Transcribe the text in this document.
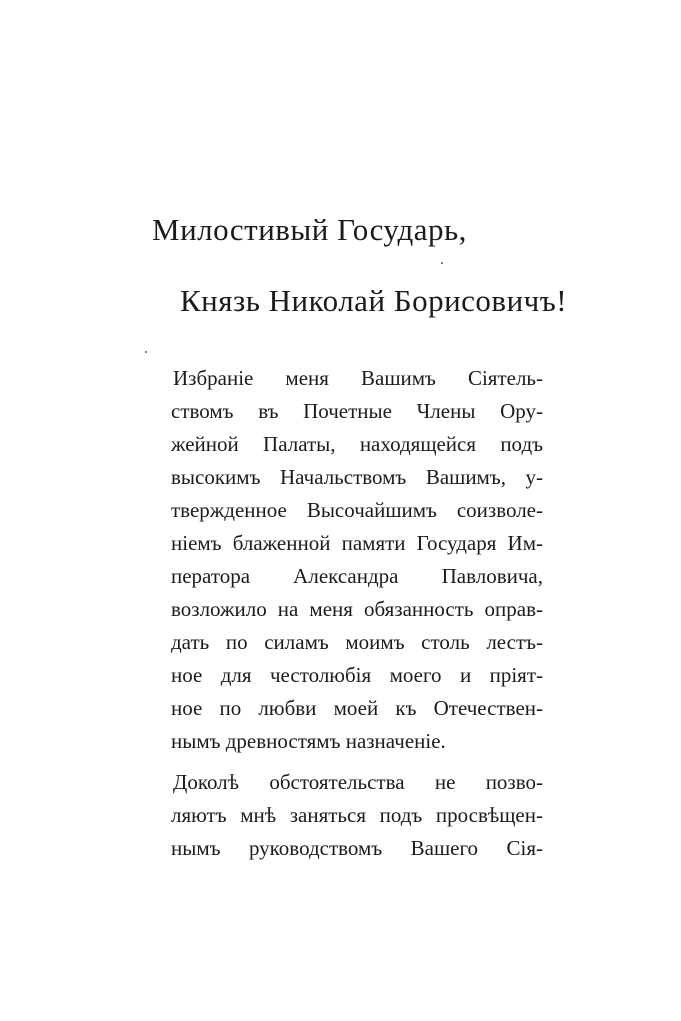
Милостивый Государь,
Князь Николай Борисовичъ!
Избраніе меня Вашимъ Сіятель-
ствомъ въ Почетные Члены Ору-
жейной Палаты, находящейся подъ
высокимъ Начальствомъ Вашимъ, у-
твержденное Высочайшимъ соизволе-
ніемъ блаженной памяти Государя Им-
ператора Александра Павловича,
возложило на меня обязанность оправ-
дать по силамъ моимъ столь лестъ-
ное для честолюбія моего и пріят-
ное по любви моей къ Отечествен-
нымъ древностямъ назначеніе.
Доколѣ обстоятельства не позво-
ляютъ мнѣ заняться подъ просвѣщен-
нымъ руководствомъ Вашего Сія-
